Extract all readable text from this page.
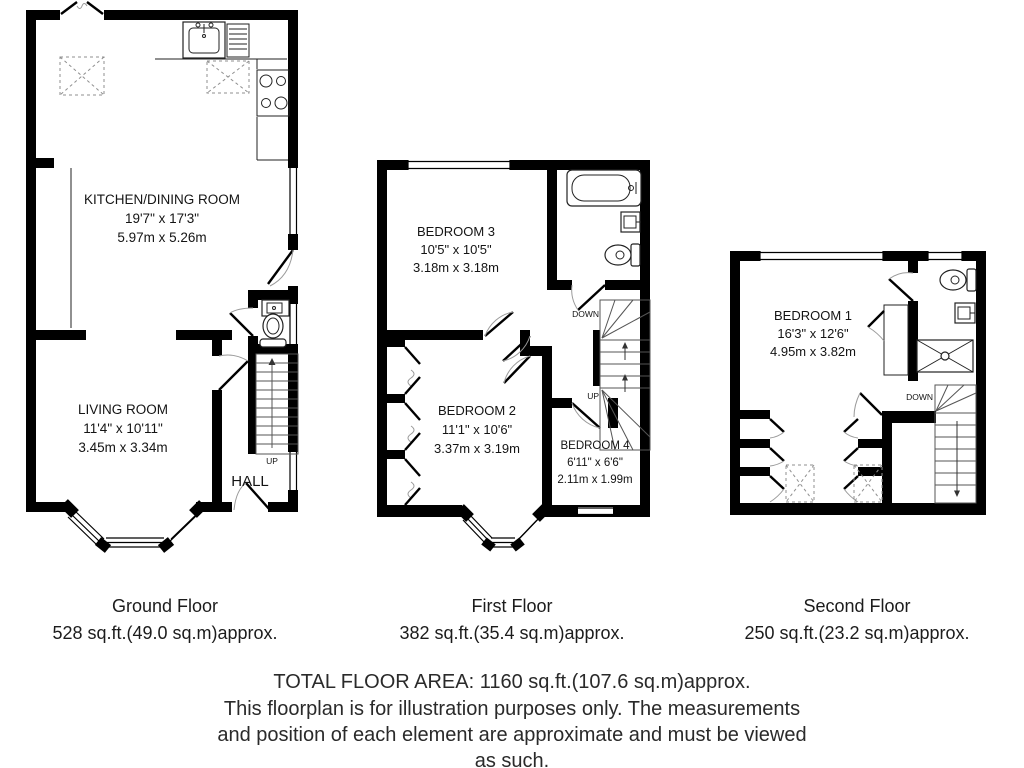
UP
KITCHEN/DINING ROOM
19'7" x 17'3"
5.97m x 5.26m
LIVING ROOM
11'4" x 10'11"
3.45m x 3.34m
HALL
DOWN
UP
BEDROOM 3
10'5" x 10'5"
3.18m x 3.18m
BEDROOM 2
11'1" x 10'6"
3.37m x 3.19m	BEDROOM 4
6'11" x 6'6"
2.11m x 1.99m
DOWN
BEDROOM 1
16'3" x 12'6"
4.95m x 3.82m
Ground Floor
528 sq.ft.(49.0 sq.m)approx.
First Floor
382 sq.ft.(35.4 sq.m)approx.
Second Floor
250 sq.ft.(23.2 sq.m)approx.
TOTAL FLOOR AREA: 1160 sq.ft.(107.6 sq.m)approx.
This floorplan is for illustration purposes only. The measurements
and position of each element are approximate and must be viewed
as such.
